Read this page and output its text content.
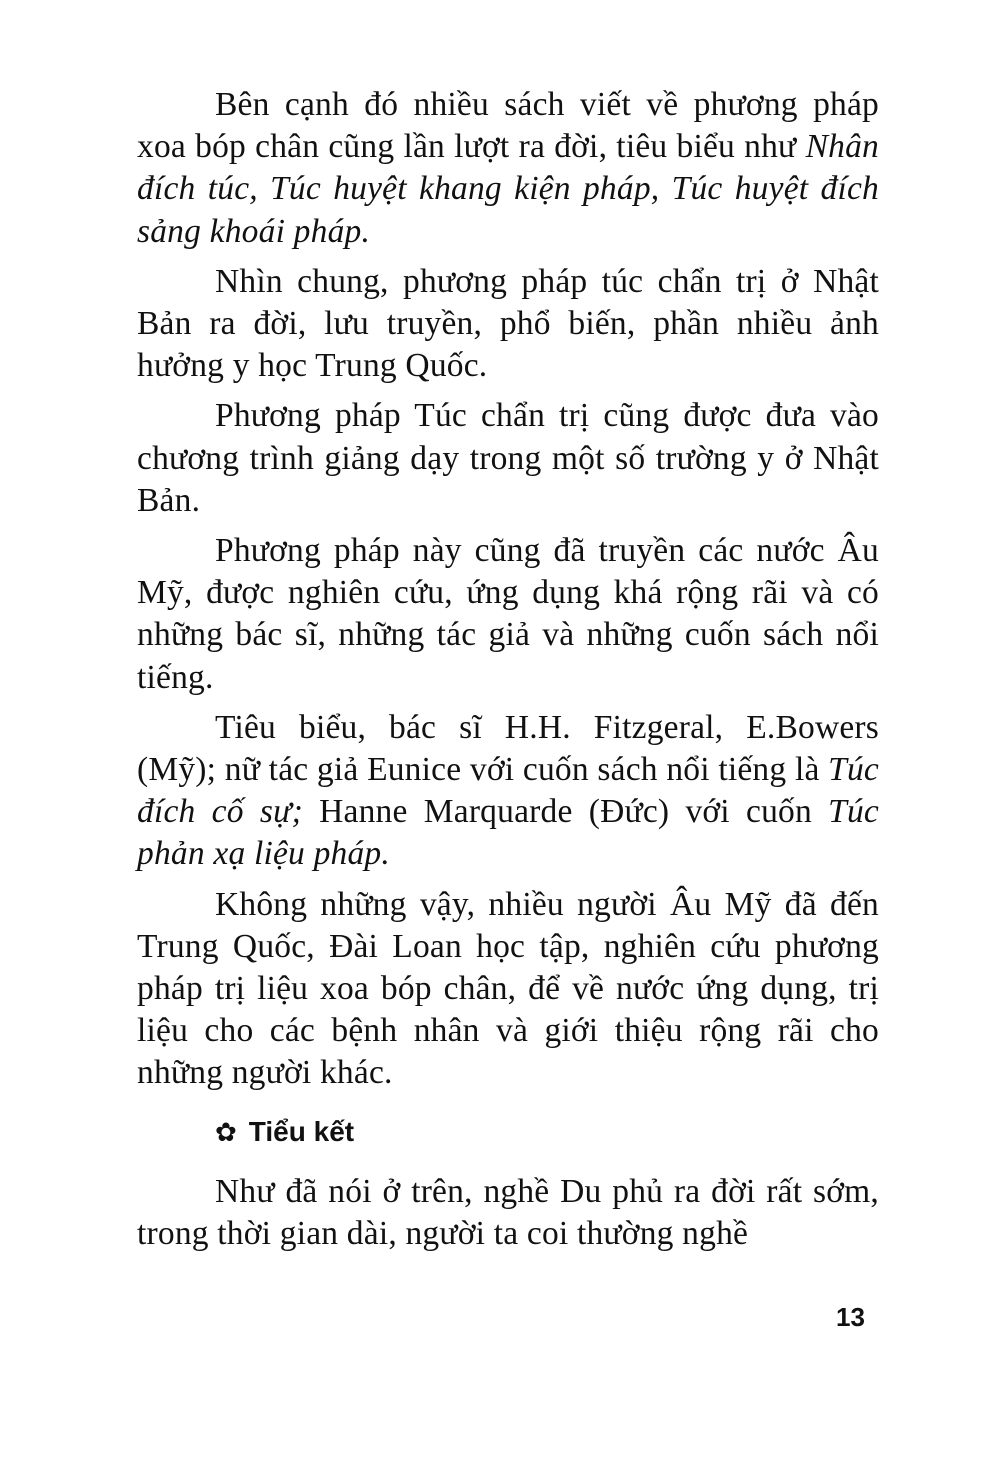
Bên cạnh đó nhiều sách viết về phương pháp xoa bóp chân cũng lần lượt ra đời, tiêu biểu như Nhân đích túc, Túc huyệt khang kiện pháp, Túc huyệt đích sảng khoái pháp.

Nhìn chung, phương pháp túc chẩn trị ở Nhật Bản ra đời, lưu truyền, phổ biến, phần nhiều ảnh hưởng y học Trung Quốc.

Phương pháp Túc chẩn trị cũng được đưa vào chương trình giảng dạy trong một số trường y ở Nhật Bản.

Phương pháp này cũng đã truyền các nước Âu Mỹ, được nghiên cứu, ứng dụng khá rộng rãi và có những bác sĩ, những tác giả và những cuốn sách nổi tiếng.

Tiêu biểu, bác sĩ H.H. Fitzgeral, E.Bowers (Mỹ); nữ tác giả Eunice với cuốn sách nổi tiếng là Túc đích cố sự; Hanne Marquarde (Đức) với cuốn Túc phản xạ liệu pháp.

Không những vậy, nhiều người Âu Mỹ đã đến Trung Quốc, Đài Loan học tập, nghiên cứu phương pháp trị liệu xoa bóp chân, để về nước ứng dụng, trị liệu cho các bệnh nhân và giới thiệu rộng rãi cho những người khác.

✿ Tiểu kết

Như đã nói ở trên, nghề Du phủ ra đời rất sớm, trong thời gian dài, người ta coi thường nghề

13
